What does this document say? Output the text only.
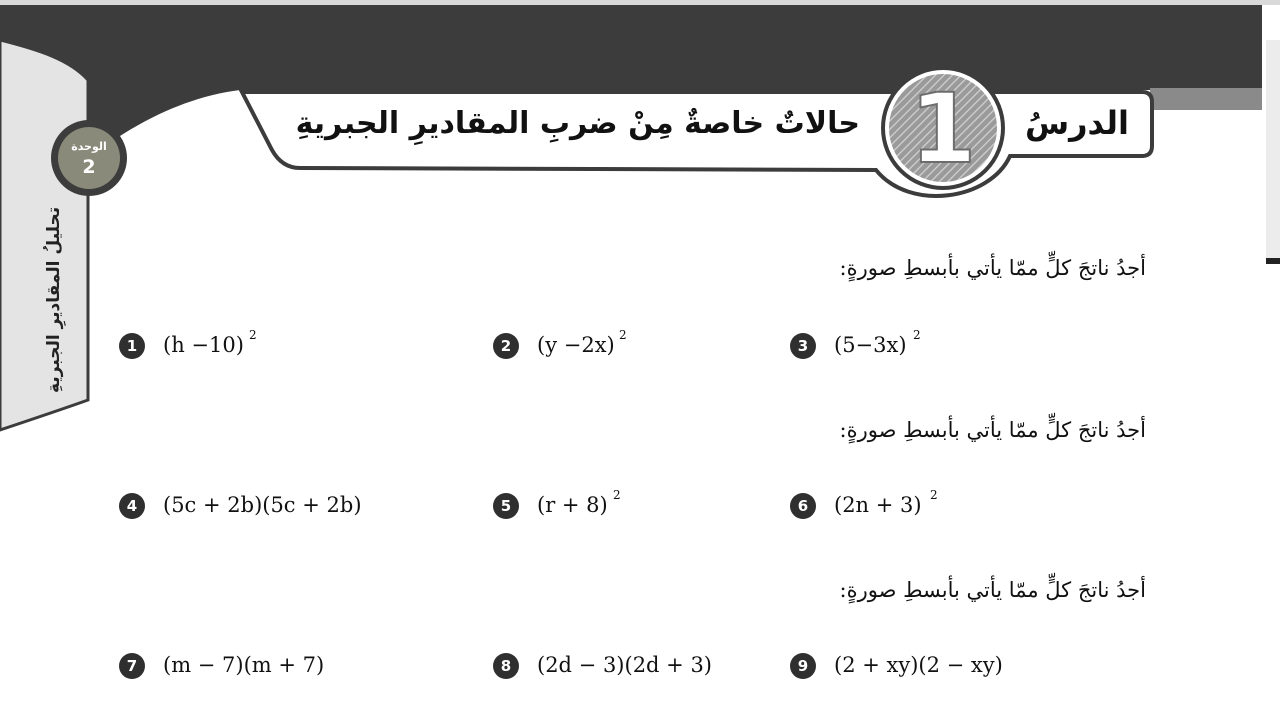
1	الدرسُ
حالاتٌ خاصةٌ مِنْ ضربِ المقاديرِ الجبريةِ
الوحدة
2
تحليلُ المقاديرِ الجبريةِ	أجدُ ناتجَ كلٍّ ممّا يأتي بأبسطِ صورةٍ:
3	(5−3x) 2
2	(y −2x) 2
1	(h −10) 2
أجدُ ناتجَ كلٍّ ممّا يأتي بأبسطِ صورةٍ:
6	(2n + 3) 2
5	(r + 8) 2
4	(5c + 2b)(5c + 2b)
أجدُ ناتجَ كلٍّ ممّا يأتي بأبسطِ صورةٍ:
9	(2 + xy)(2 − xy)
8	(2d − 3)(2d + 3)
7	(m − 7)(m + 7)
